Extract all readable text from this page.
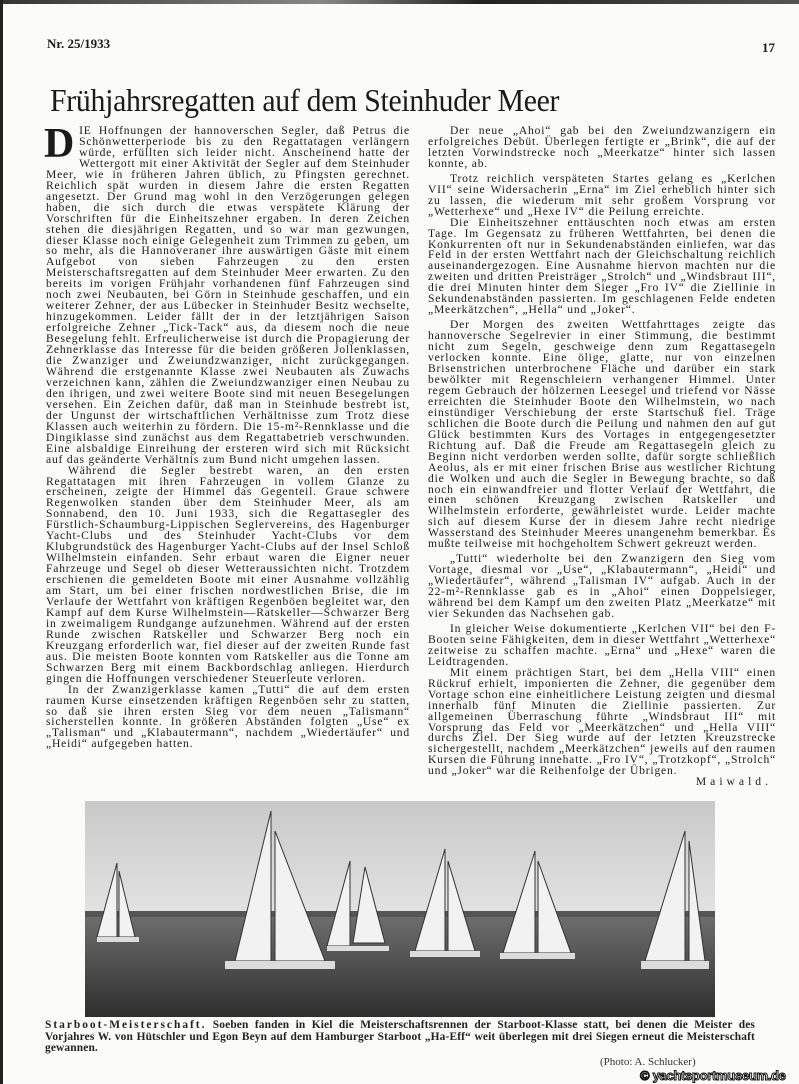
Nr. 25/1933	17
Frühjahrsregatten auf dem Steinhuder Meer

DIE Hoffnungen der hannoverschen Segler, daß Petrus die Schönwetterperiode bis zu den Regattatagen verlängern würde, erfüllten sich leider nicht. Anscheinend hatte der Wettergott mit einer Aktivität der Segler auf dem Steinhuder Meer, wie in früheren Jahren üblich, zu Pfingsten gerechnet. Reichlich spät wurden in diesem Jahre die ersten Regatten angesetzt. Der Grund mag wohl in den Verzögerungen gelegen haben, die sich durch die etwas verspätete Klärung der Vorschriften für die Einheitszehner ergaben. In deren Zeichen stehen die diesjährigen Regatten, und so war man gezwungen, dieser Klasse noch einige Gelegenheit zum Trimmen zu geben, um so mehr, als die Hannoveraner ihre auswärtigen Gäste mit einem Aufgebot von sieben Fahrzeugen zu den ersten Meisterschaftsregatten auf dem Steinhuder Meer erwarten. Zu den bereits im vorigen Frühjahr vorhandenen fünf Fahrzeugen sind noch zwei Neubauten, bei Görn in Steinhude geschaffen, und ein weiterer Zehner, der aus Lübecker in Steinhuder Besitz wechselte, hinzugekommen. Leider fällt der in der letztjährigen Saison erfolgreiche Zehner „Tick-Tack“ aus, da diesem noch die neue Besegelung fehlt. Erfreulicherweise ist durch die Propagierung der Zehnerklasse das Interesse für die beiden größeren Jollenklassen, die Zwanziger und Zweiundzwanziger, nicht zurückgegangen. Während die erstgenannte Klasse zwei Neubauten als Zuwachs verzeichnen kann, zählen die Zweiundzwanziger einen Neubau zu den ihrigen, und zwei weitere Boote sind mit neuen Besegelungen versehen. Ein Zeichen dafür, daß man in Steinhude bestrebt ist, der Ungunst der wirtschaftlichen Verhältnisse zum Trotz diese Klassen auch weiterhin zu fördern. Die 15-m²-Rennklasse und die Dingiklasse sind zunächst aus dem Regattabetrieb verschwunden. Eine alsbaldige Einreihung der ersteren wird sich mit Rücksicht auf das geänderte Verhältnis zum Bund nicht umgehen lassen.

Während die Segler bestrebt waren, an den ersten Regattatagen mit ihren Fahrzeugen in vollem Glanze zu erscheinen, zeigte der Himmel das Gegenteil. Graue schwere Regenwolken standen über dem Steinhuder Meer, als am Sonnabend, den 10. Juni 1933, sich die Regattasegler des Fürstlich-Schaumburg-Lippischen Seglervereins, des Hagenburger Yacht-Clubs und des Steinhuder Yacht-Clubs vor dem Klubgrundstück des Hagenburger Yacht-Clubs auf der Insel Schloß Wilhelmstein einfanden. Sehr erbaut waren die Eigner neuer Fahrzeuge und Segel ob dieser Wetteraussichten nicht. Trotzdem erschienen die gemeldeten Boote mit einer Ausnahme vollzählig am Start, um bei einer frischen nordwestlichen Brise, die im Verlaufe der Wettfahrt von kräftigen Regenböen begleitet war, den Kampf auf dem Kurse Wilhelmstein—Ratskeller—Schwarzer Berg in zweimaligem Rundgange aufzunehmen. Während auf der ersten Runde zwischen Ratskeller und Schwarzer Berg noch ein Kreuzgang erforderlich war, fiel dieser auf der zweiten Runde fast aus. Die meisten Boote konnten vom Ratskeller aus die Tonne am Schwarzen Berg mit einem Backbordschlag anliegen. Hierdurch gingen die Hoffnungen verschiedener Steuerleute verloren.

In der Zwanzigerklasse kamen „Tutti“ die auf dem ersten raumen Kurse einsetzenden kräftigen Regenböen sehr zu statten, so daß sie ihren ersten Sieg vor dem neuen „Talismann“ sicherstellen konnte. In größeren Abständen folgten „Use“ ex „Talisman“ und „Klabautermann“, nachdem „Wiedertäufer“ und „Heidi“ aufgegeben hatten.

Der neue „Ahoi“ gab bei den Zweiundzwanzigern ein erfolgreiches Debüt. Überlegen fertigte er „Brink“, die auf der letzten Vorwindstrecke noch „Meerkatze“ hinter sich lassen konnte, ab.

Trotz reichlich verspäteten Startes gelang es „Kerlchen VII“ seine Widersacherin „Erna“ im Ziel erheblich hinter sich zu lassen, die wiederum mit sehr großem Vorsprung vor „Wetterhexe“ und „Hexe IV“ die Peilung erreichte.

Die Einheitszehner enttäuschten noch etwas am ersten Tage. Im Gegensatz zu früheren Wettfahrten, bei denen die Konkurrenten oft nur in Sekundenabständen einliefen, war das Feld in der ersten Wettfahrt nach der Gleichschaltung reichlich auseinandergezogen. Eine Ausnahme hiervon machten nur die zweiten und dritten Preisträger „Strolch“ und „Windsbraut III“, die drei Minuten hinter dem Sieger „Fro IV“ die Ziellinie in Sekundenabständen passierten. Im geschlagenen Felde endeten „Meerkätzchen“, „Hella“ und „Joker“.

Der Morgen des zweiten Wettfahrttages zeigte das hannoversche Segelrevier in einer Stimmung, die bestimmt nicht zum Segeln, geschweige denn zum Regattasegeln verlocken konnte. Eine ölige, glatte, nur von einzelnen Brisenstrichen unterbrochene Fläche und darüber ein stark bewölkter mit Regenschleiern verhangener Himmel. Unter regem Gebrauch der hölzernen Leesegel und triefend vor Nässe erreichten die Steinhuder Boote den Wilhelmstein, wo nach einstündiger Verschiebung der erste Startschuß fiel. Träge schlichen die Boote durch die Peilung und nahmen den auf gut Glück bestimmten Kurs des Vortages in entgegengesetzter Richtung auf. Daß die Freude am Regattasegeln gleich zu Beginn nicht verdorben werden sollte, dafür sorgte schließlich Aeolus, als er mit einer frischen Brise aus westlicher Richtung die Wolken und auch die Segler in Bewegung brachte, so daß noch ein einwandfreier und flotter Verlauf der Wettfahrt, die einen schönen Kreuzgang zwischen Ratskeller und Wilhelmstein erforderte, gewährleistet wurde. Leider machte sich auf diesem Kurse der in diesem Jahre recht niedrige Wasserstand des Steinhuder Meeres unangenehm bemerkbar. Es mußte teilweise mit hochgeholtem Schwert gekreuzt werden.

„Tutti“ wiederholte bei den Zwanzigern den Sieg vom Vortage, diesmal vor „Use“, „Klabautermann“, „Heidi“ und „Wiedertäufer“, während „Talisman IV“ aufgab. Auch in der 22-m²-Rennklasse gab es in „Ahoi“ einen Doppelsieger, während bei dem Kampf um den zweiten Platz „Meerkatze“ mit vier Sekunden das Nachsehen gab.

In gleicher Weise dokumentierte „Kerlchen VII“ bei den F-Booten seine Fähigkeiten, dem in dieser Wettfahrt „Wetterhexe“ zeitweise zu schaffen machte. „Erna“ und „Hexe“ waren die Leidtragenden.

Mit einem prächtigen Start, bei dem „Hella VIII“ einen Rückruf erhielt, imponierten die Zehner, die gegenüber dem Vortage schon eine einheitlichere Leistung zeigten und diesmal innerhalb fünf Minuten die Ziellinie passierten. Zur allgemeinen Überraschung führte „Windsbraut III“ mit Vorsprung das Feld vor „Meerkätzchen“ und „Hella VIII“ durchs Ziel. Der Sieg wurde auf der letzten Kreuzstrecke sichergestellt, nachdem „Meerkätzchen“ jeweils auf den raumen Kursen die Führung innehatte. „Fro IV“, „Trotzkopf“, „Strolch“ und „Joker“ war die Reihenfolge der Übrigen.

Maiwald.
Starboot-Meisterschaft. Soeben fanden in Kiel die Meisterschaftsrennen der Starboot-Klasse statt, bei denen die Meister des Vorjahres W. von Hütschler und Egon Beyn auf dem Hamburger Starboot „Ha-Eff“ weit überlegen mit drei Siegen erneut die Meisterschaft gewannen.
(Photo: A. Schlucker)
© yachtsportmuseum.de
